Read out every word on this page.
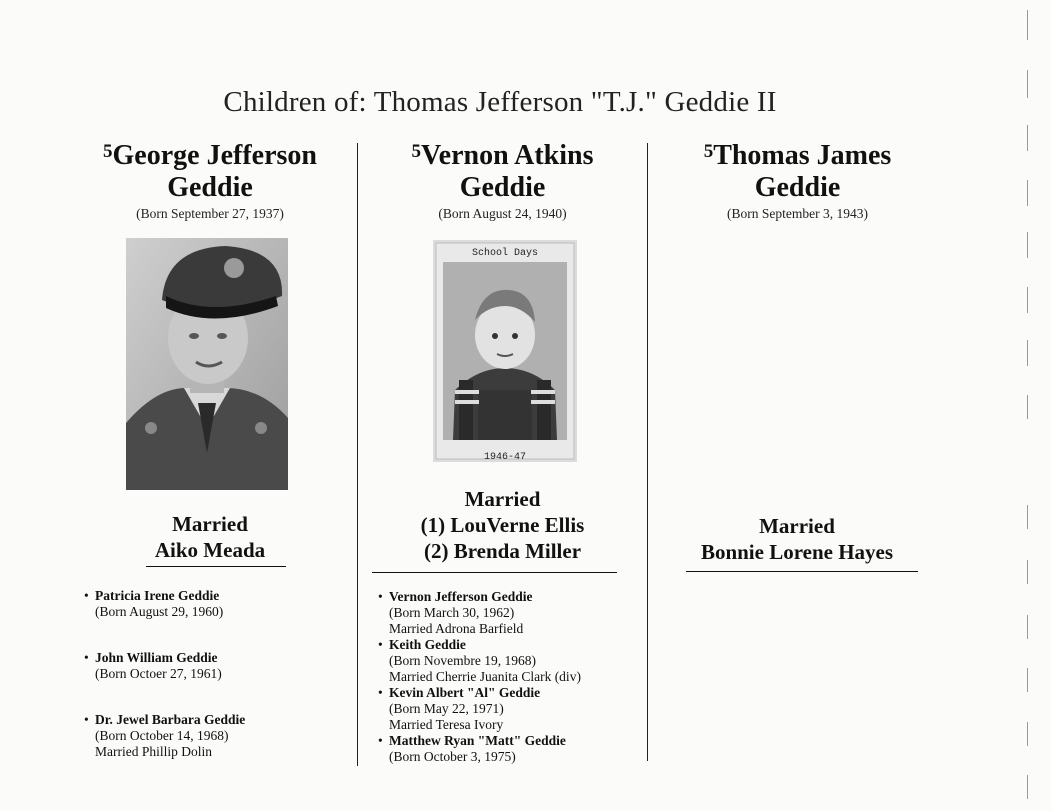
Children of: Thomas Jefferson "T.J." Geddie II
$^5$George Jefferson
Geddie
(Born September 27, 1937)
Married
Aiko Meada
• Patricia Irene Geddie
(Born August 29, 1960)
• John William Geddie
(Born Octoer 27, 1961)
• Dr. Jewel Barbara Geddie
(Born October 14, 1968)
Married Phillip Dolin
$^5$Vernon Atkins
Geddie
(Born August 24, 1940)
School Days
1946-47
Married
(1) LouVerne Ellis
(2) Brenda Miller
• Vernon Jefferson Geddie
(Born March 30, 1962)
Married Adrona Barfield
• Keith Geddie
(Born Novembre 19, 1968)
Married Cherrie Juanita Clark (div)
• Kevin Albert "Al" Geddie
(Born May 22, 1971)
Married Teresa Ivory
• Matthew Ryan "Matt" Geddie
(Born October 3, 1975)
$^5$Thomas James
Geddie
(Born September 3, 1943)
Married
Bonnie Lorene Hayes
